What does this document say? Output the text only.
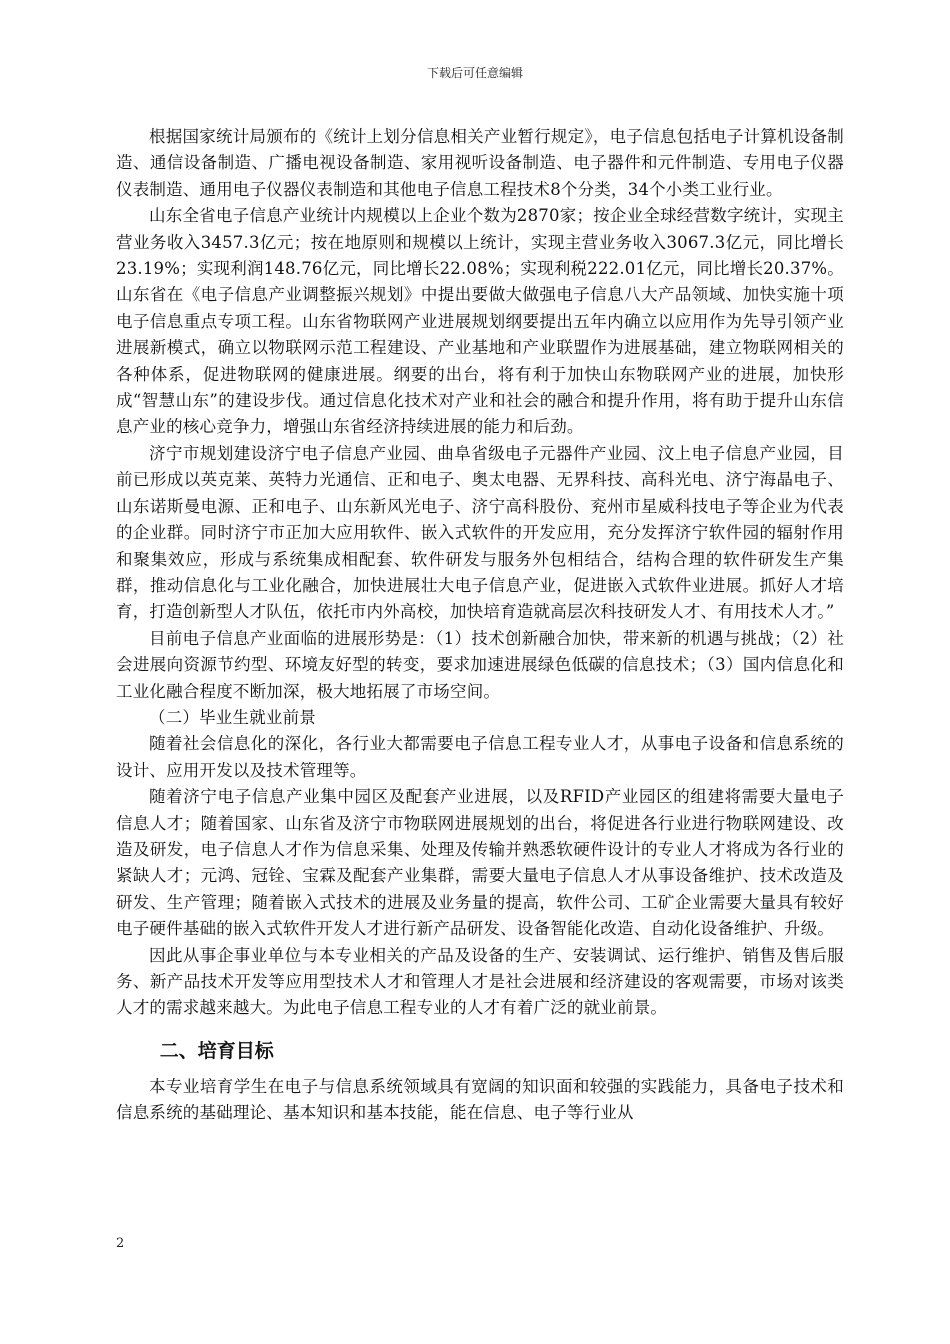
下载后可任意编辑

根据国家统计局颁布的《统计上划分信息相关产业暂行规定》，电子信息包括电子计算机设备制造、通信设备制造、广播电视设备制造、家用视听设备制造、电子器件和元件制造、专用电子仪器仪表制造、通用电子仪器仪表制造和其他电子信息工程技术8个分类，34个小类工业行业。

山东全省电子信息产业统计内规模以上企业个数为2870家；按企业全球经营数字统计，实现主营业务收入3457.3亿元；按在地原则和规模以上统计，实现主营业务收入3067.3亿元，同比增长23.19%；实现利润148.76亿元，同比增长22.08%；实现利税222.01亿元，同比增长20.37%。山东省在《电子信息产业调整振兴规划》中提出要做大做强电子信息八大产品领域、加快实施十项电子信息重点专项工程。山东省物联网产业进展规划纲要提出五年内确立以应用作为先导引领产业进展新模式，确立以物联网示范工程建设、产业基地和产业联盟作为进展基础，建立物联网相关的各种体系，促进物联网的健康进展。纲要的出台，将有利于加快山东物联网产业的进展，加快形成“智慧山东”的建设步伐。通过信息化技术对产业和社会的融合和提升作用，将有助于提升山东信息产业的核心竞争力，增强山东省经济持续进展的能力和后劲。

济宁市规划建设济宁电子信息产业园、曲阜省级电子元器件产业园、汶上电子信息产业园，目前已形成以英克莱、英特力光通信、正和电子、奥太电器、无界科技、高科光电、济宁海晶电子、山东诺斯曼电源、正和电子、山东新风光电子、济宁高科股份、兖州市星威科技电子等企业为代表的企业群。同时济宁市正加大应用软件、嵌入式软件的开发应用，充分发挥济宁软件园的辐射作用和聚集效应，形成与系统集成相配套、软件研发与服务外包相结合，结构合理的软件研发生产集群，推动信息化与工业化融合，加快进展壮大电子信息产业，促进嵌入式软件业进展。抓好人才培育，打造创新型人才队伍，依托市内外高校，加快培育造就高层次科技研发人才、有用技术人才。”

目前电子信息产业面临的进展形势是：（1）技术创新融合加快，带来新的机遇与挑战；（2）社会进展向资源节约型、环境友好型的转变，要求加速进展绿色低碳的信息技术；（3）国内信息化和工业化融合程度不断加深，极大地拓展了市场空间。

（二）毕业生就业前景

随着社会信息化的深化，各行业大都需要电子信息工程专业人才，从事电子设备和信息系统的设计、应用开发以及技术管理等。

随着济宁电子信息产业集中园区及配套产业进展，以及RFID产业园区的组建将需要大量电子信息人才；随着国家、山东省及济宁市物联网进展规划的出台，将促进各行业进行物联网建设、改造及研发，电子信息人才作为信息采集、处理及传输并熟悉软硬件设计的专业人才将成为各行业的紧缺人才；元鸿、冠铨、宝霖及配套产业集群，需要大量电子信息人才从事设备维护、技术改造及研发、生产管理；随着嵌入式技术的进展及业务量的提高，软件公司、工矿企业需要大量具有较好电子硬件基础的嵌入式软件开发人才进行新产品研发、设备智能化改造、自动化设备维护、升级。

因此从事企事业单位与本专业相关的产品及设备的生产、安装调试、运行维护、销售及售后服务、新产品技术开发等应用型技术人才和管理人才是社会进展和经济建设的客观需要，市场对该类人才的需求越来越大。为此电子信息工程专业的人才有着广泛的就业前景。

二、培育目标

本专业培育学生在电子与信息系统领域具有宽阔的知识面和较强的实践能力，具备电子技术和信息系统的基础理论、基本知识和基本技能，能在信息、电子等行业从

2
